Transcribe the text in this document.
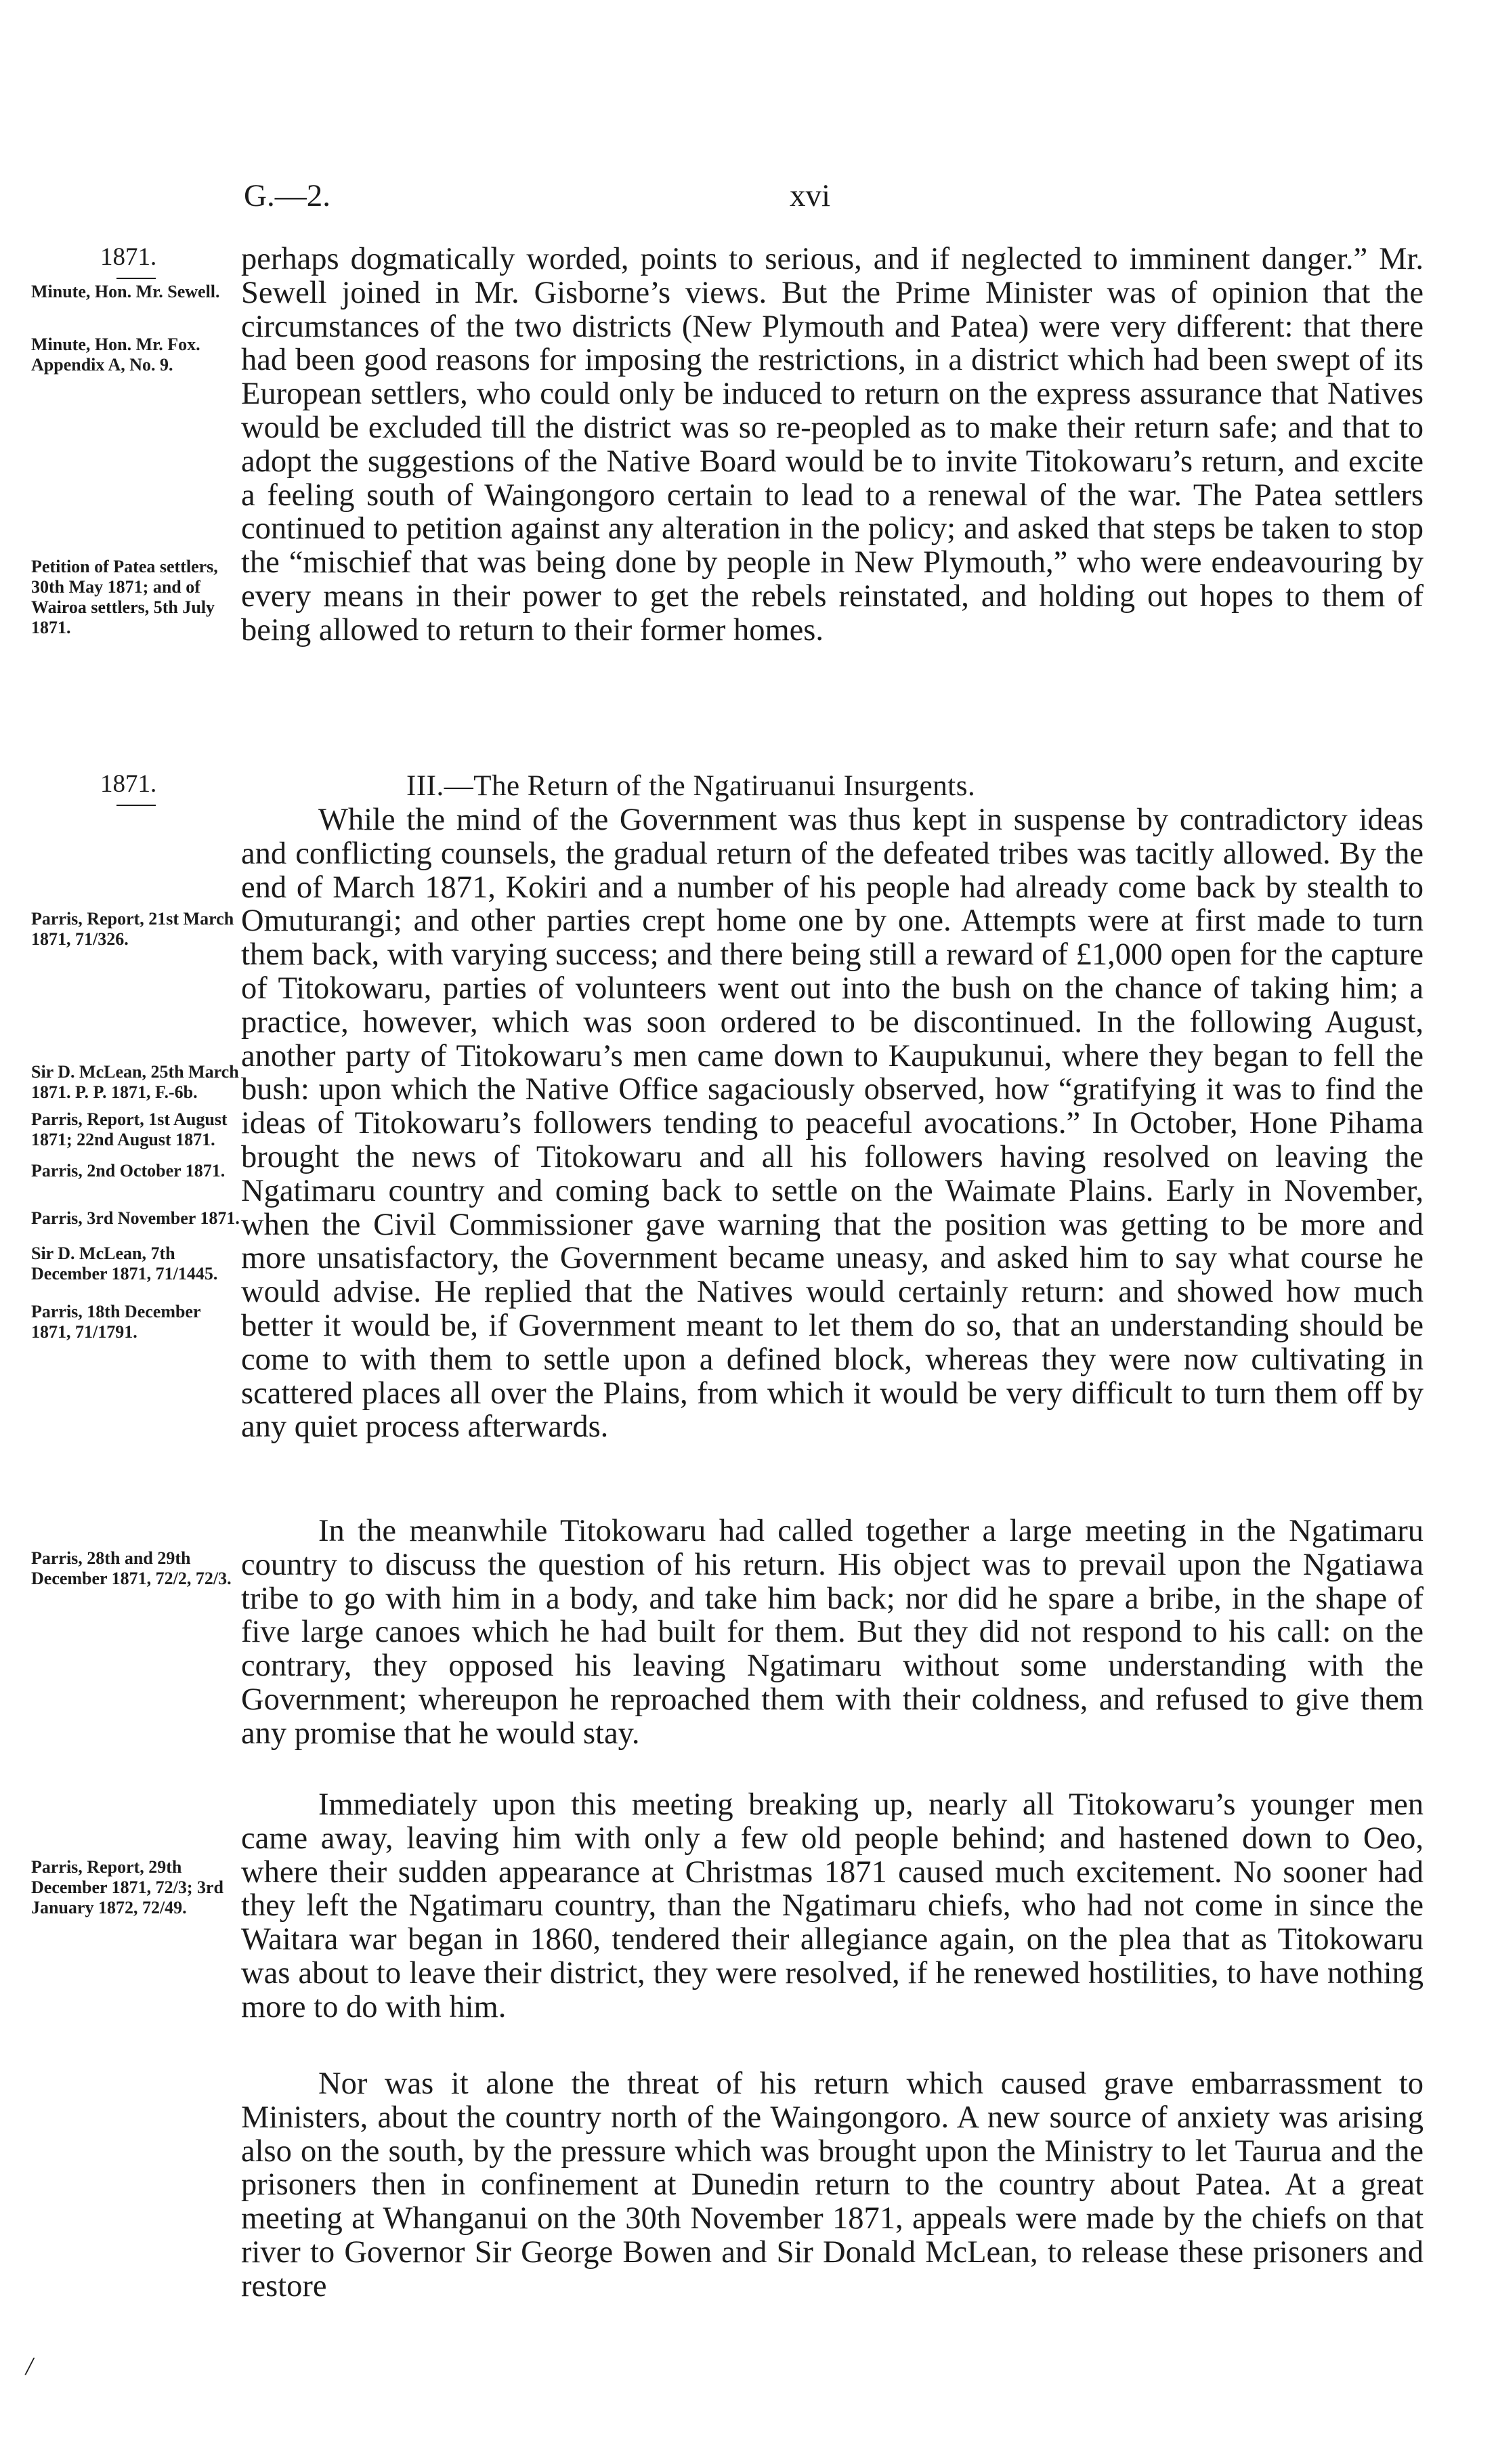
G.—2.	xvi
1871.
Minute, Hon. Mr. Sewell.
Minute, Hon. Mr. Fox. Appendix A, No. 9.
Petition of Patea settlers, 30th May 1871; and of Wairoa settlers, 5th July 1871.
perhaps dogmatically worded, points to serious, and if neglected to imminent danger.” Mr. Sewell joined in Mr. Gisborne’s views. But the Prime Minister was of opinion that the circumstances of the two districts (New Plymouth and Patea) were very different: that there had been good reasons for imposing the restrictions, in a district which had been swept of its European settlers, who could only be induced to return on the express assurance that Natives would be excluded till the district was so re-peopled as to make their return safe; and that to adopt the suggestions of the Native Board would be to invite Titokowaru’s return, and excite a feeling south of Waingongoro certain to lead to a renewal of the war. The Patea settlers continued to petition against any alteration in the policy; and asked that steps be taken to stop the “mischief that was being done by people in New Plymouth,” who were endeavouring by every means in their power to get the rebels reinstated, and holding out hopes to them of being allowed to return to their former homes.
1871.	III.—The Return of the Ngatiruanui Insurgents.
Parris, Report, 21st March 1871, 71/326.
Sir D. McLean, 25th March 1871. P. P. 1871, F.-6b.
Parris, Report, 1st August 1871; 22nd August 1871.
Parris, 2nd October 1871.
Parris, 3rd November 1871.
Sir D. McLean, 7th December 1871, 71/1445.
Parris, 18th December 1871, 71/1791.
Parris, 28th and 29th December 1871, 72/2, 72/3.
Parris, Report, 29th December 1871, 72/3; 3rd January 1872, 72/49.
While the mind of the Government was thus kept in suspense by contradictory ideas and conflicting counsels, the gradual return of the defeated tribes was tacitly allowed. By the end of March 1871, Kokiri and a number of his people had already come back by stealth to Omuturangi; and other parties crept home one by one. Attempts were at first made to turn them back, with varying success; and there being still a reward of £1,000 open for the capture of Titokowaru, parties of volunteers went out into the bush on the chance of taking him; a practice, however, which was soon ordered to be discontinued. In the following August, another party of Titokowaru’s men came down to Kaupukunui, where they began to fell the bush: upon which the Native Office sagaciously observed, how “gratifying it was to find the ideas of Titokowaru’s followers tending to peaceful avocations.” In October, Hone Pihama brought the news of Titokowaru and all his followers having resolved on leaving the Ngatimaru country and coming back to settle on the Waimate Plains. Early in November, when the Civil Commissioner gave warning that the position was getting to be more and more unsatisfactory, the Government became uneasy, and asked him to say what course he would advise. He replied that the Natives would certainly return: and showed how much better it would be, if Government meant to let them do so, that an understanding should be come to with them to settle upon a defined block, whereas they were now cultivating in scattered places all over the Plains, from which it would be very difficult to turn them off by any quiet process afterwards.
In the meanwhile Titokowaru had called together a large meeting in the Ngatimaru country to discuss the question of his return. His object was to prevail upon the Ngatiawa tribe to go with him in a body, and take him back; nor did he spare a bribe, in the shape of five large canoes which he had built for them. But they did not respond to his call: on the contrary, they opposed his leaving Ngatimaru without some understanding with the Government; whereupon he reproached them with their coldness, and refused to give them any promise that he would stay.
Immediately upon this meeting breaking up, nearly all Titokowaru’s younger men came away, leaving him with only a few old people behind; and hastened down to Oeo, where their sudden appearance at Christmas 1871 caused much excitement. No sooner had they left the Ngatimaru country, than the Ngatimaru chiefs, who had not come in since the Waitara war began in 1860, tendered their allegiance again, on the plea that as Titokowaru was about to leave their district, they were resolved, if he renewed hostilities, to have nothing more to do with him.
Nor was it alone the threat of his return which caused grave embarrassment to Ministers, about the country north of the Waingongoro. A new source of anxiety was arising also on the south, by the pressure which was brought upon the Ministry to let Taurua and the prisoners then in confinement at Dunedin return to the country about Patea. At a great meeting at Whanganui on the 30th November 1871, appeals were made by the chiefs on that river to Governor Sir George Bowen and Sir Donald McLean, to release these prisoners and restore
/
